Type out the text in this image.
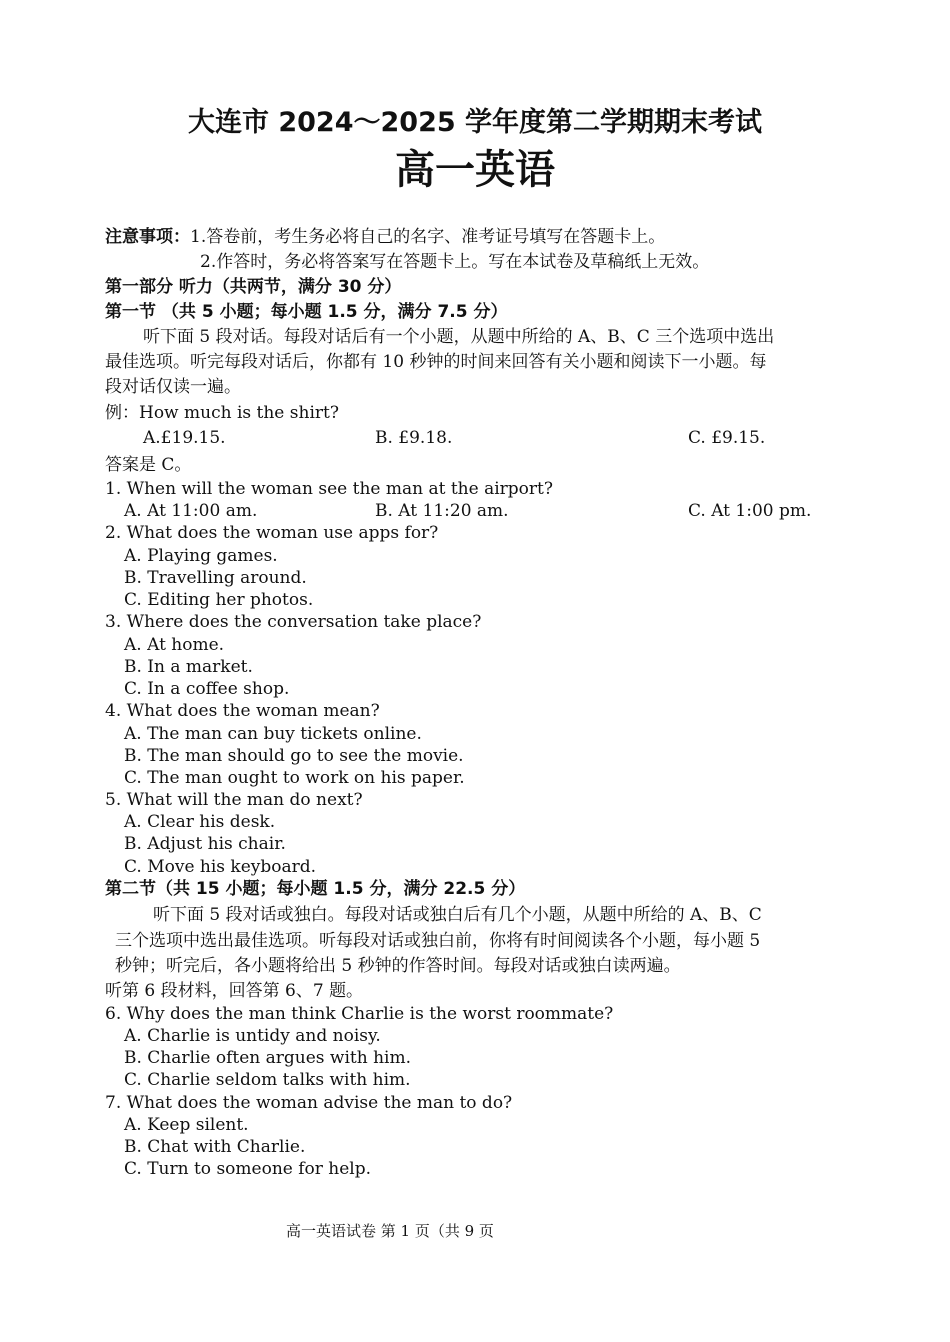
大连市 2024～2025 学年度第二学期期末考试
高一英语
注意事项：1.答卷前，考生务必将自己的名字、准考证号填写在答题卡上。
2.作答时，务必将答案写在答题卡上。写在本试卷及草稿纸上无效。
第一部分 听力（共两节，满分 30 分）
第一节 （共 5 小题；每小题 1.5 分，满分 7.5 分）
听下面 5 段对话。每段对话后有一个小题，从题中所给的 A、B、C 三个选项中选出
最佳选项。听完每段对话后，你都有 10 秒钟的时间来回答有关小题和阅读下一小题。每
段对话仅读一遍。
例：How much is the shirt?
A.£19.15.	B. £9.18.	C. £9.15.
答案是 C。
1. When will the woman see the man at the airport?
A. At 11:00 am.	B. At 11:20 am.	C. At 1:00 pm.
2. What does the woman use apps for?
A. Playing games.
B. Travelling around.
C. Editing her photos.
3. Where does the conversation take place?
A. At home.
B. In a market.
C. In a coffee shop.
4. What does the woman mean?
A. The man can buy tickets online.
B. The man should go to see the movie.
C. The man ought to work on his paper.
5. What will the man do next?
A. Clear his desk.
B. Adjust his chair.
C. Move his keyboard.
第二节（共 15 小题；每小题 1.5 分，满分 22.5 分）
听下面 5 段对话或独白。每段对话或独白后有几个小题，从题中所给的 A、B、C
三个选项中选出最佳选项。听每段对话或独白前，你将有时间阅读各个小题，每小题 5
秒钟；听完后，各小题将给出 5 秒钟的作答时间。每段对话或独白读两遍。
听第 6 段材料，回答第 6、7 题。
6. Why does the man think Charlie is the worst roommate?
A. Charlie is untidy and noisy.
B. Charlie often argues with him.
C. Charlie seldom talks with him.
7. What does the woman advise the man to do?
A. Keep silent.
B. Chat with Charlie.
C. Turn to someone for help.
高一英语试卷 第 1 页（共 9 页
